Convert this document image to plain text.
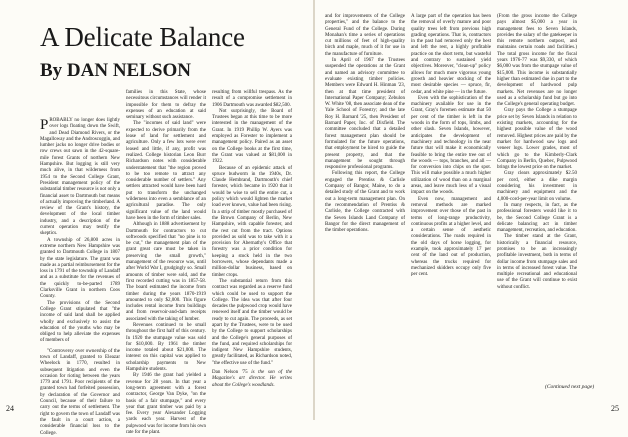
A Delicate Balance
By DAN NELSON

PROBABLY no longer does lightly over logs floating down the Swift, and Dead Diamond Rivers, or the Magalloway and the Androscoggin, and lumber jacks no longer drive bodies or row crews out sawn in the 42-square-mile forest Grants of northern New Hampshire. But logging is still very much alive, in that wilderness from 1954 to the Second College Grant, President management policy of the substantial timber resource is not only a financial asset to Dartmouth but means of actually improving the timberland. A review of the Grant's history, the development of the local timber industry, and a description of the current operation may testify the skeptics.

A township of 26,800 acres in extreme northern New Hampshire was granted to Dartmouth College in 1807 by the state legislature. The grant was made as a partial reimbursement for the loss in 1791 of the township of Landaff and as a substitute for the revenues of the quickly to-be-parted 1789 Clarksville Grant in northern Coos County.

The provisions of the Second College Grant stipulated that "the income of said land shall be applied wholly and exclusively to assist the education of the youths who may be obliged to help alleviate the expenses of members of

"Controversy over ownership of the town of Landaff, granted to Eleazar Wheelock in 1770, resulted in subsequent litigation and even the occasion for rioting between the years 1779 and 1791. Poor recipients of the granted town had forfeited possession, by declaration of the Governor and Council, because of their failure to carry out the terms of settlement. The right to govern the town of Landaff was the fault in a court action, a considerable financial loss to the College.

families in this State, whose necessitous circumstances will render it impossible for them to defray the expenses of an education at said seminary without such assistance.

The "incomes of said land" were expected to derive primarily from the lease of land for settlement and agriculture. Only a few lots were ever leased and little, if any, profit was realized. College historian Leon Burr Richardson notes with considerable understatement that "the region proved to be too remote to attract any considerable number of settlers." Any settlers attracted would have been hard put to transform the unchanged wilderness into even a semblance of an agricultural paradise. The only significant value of the land would have been in the form of timber sales.

Although in 1888 advertisement by Dartmouth for contractors to cut softwoods specified that "no pine is to be cut," the management plan of the grant great care must be taken in preserving the small growth," management of the resource was, until after World War I, grudgingly so. Small amounts of timber were sold, and the first recorded cutting was in 1857-58. The board estimated the income from timber during the years 1870-1919 amounted to only $2,000. This figure includes rental income from buildings and from reservoir-and-dam receipts associated with the taking of lumber.

Revenues continued to be small throughout the first half of this century. In 1920 the stumpage value was sold for $10,000. By 1961 the timber income totaled about $21,000. The interest on this capital was applied to scholarship payments to New Hampshire students.

By 1946 the grant had yielded a revenue for 28 years. In that year a long-term agreement with a forest contractor, George Van Dyke, "on the basis of a fair stumpage," and every year that grant timber was paid by a fee. Every year Alexander Logging yards each year. Harvest of the pulpwood was for income from his own rate for the plant.

resulting from willful trespass. As the result of a compromise settlement in 1906 Dartmouth was awarded $82,500.

Not surprisingly, the Board of Trustees began at this time to be more interested in the management of the Grant. In 1919 Phillip W. Ayers was employed as Forester to implement a management policy. Paired as an asset on the College books at the first time, the Grant was valued at $81,000 in 1922.

Because of an epidemic attack of spruce budworm in the 1940s, Dr. Claude Hembrand, Dartmouth's chief forester, which became in 1920 that it would be wise to sell the entire cut, a policy which would lighten the market load ever known, value had been rising. In a strip of timber mostly purchased of the Brown Company of Berlin, New Hampshire, with capable forester, and the rest cut from the tract. Options provided as sold was to take with it a provision for Abernathy's Office that forestry was a prior condition for keeping a stock held in the two borrowers, whose dependants made a million-dollar business, based on timber crops.

The substantial return from this contract was regarded as a reserve fund which could be used to support the College. The idea was that after four decades the pulpwood crop would have renewed itself and the timber would be ready to cut again. The proceeds, as set apart by the Trustees, were to be used by the College to support scholarships and the College's general purposes of the fund, and required scholarships for indigent New Hampshire students, greatly facilitated, as Richardson noted, "the effective use of the fund."

Dan Nelson '75 is the son of the Magazine's art director. He writes about the College's woodlands.

24

and for improvements of the College properties," and the balance to the General Fund of the College. During Monahan's time a series of operations cut millions of feet of high-quality birch and maple, much of it for use in the manufacture of furniture.

In April of 1967 the Trustees suspended the operations at the Grant and named an advisory committee to evaluate existing timber policies. Members were Edward H. Hinman '23, then at that time president of International Paper Company; Zebulon W. White '08, then associate dean of the Yale School of Forestry; and the late Roy H. Barnard '25, then President of Barnard Paper, Inc. of Dixfield. The committee concluded that a detailed forest management plan should be formulated for the future operations, that employment be hired to guide the present property, and that the management be sought through responsive professional programs.

Following this report, the College engaged the Prentiss & Carlisle Company of Bangor, Maine, to do a detailed study of the Grant and to work out a long-term management plan. On the recommendation of Prentiss & Carlisle, the College contracted with the Seven Islands Land Company of Bangor for the direct management of the timber operations.

A large part of the operation has been the removal of overly mature and poor quality trees left from previous high grading operations. That is, contractors in the past had removed only the best and left the rest, a highly profitable practice on the short term, but wasteful and contrary to sustained yield objectives. Moreover, "clean-up" policy allows for much more vigorous young growth and heavier stocking of the most desirable species — spruce, fir, cedar, and white pine — in the future.

Even with the sophistication of the machinery available for use in the Grant, Gray's foremen estimate that 50 per cent of the timber is left in the woods in the form of tops, limbs, and other slash. Seven Islands, however, anticipates the development of machinery and technology in the near future that will make it economically feasible to bring the entire tree out of the woods — tops, branches, and all — for conversion into chips on the spot. This will make possible a much higher utilization of wood than on a marginal areas, and leave much less of a visual impact on the woods.

Even now, management and removal methods are marked improvement over those of the past in terms of long-range productivity, continuous profits at a higher level, and a certain sense of aesthetic considerations. The roads required in the old days of horse logging, for example, took approximately 17 per cent of the land out of production, whereas the trucks required for mechanized skidders occupy only five per cent.

(From the gross income the College pays almost $5,000 a year in management fees to Seven Islands, provides the salary of the gatekeeper in this remote northern outpost, and maintains certain roads and facilities.) The total gross income for the fiscal years 1976-77 was $9,330, of which $6,000 was from the stumpage value of $15,000. This income is substantially higher than estimated due in part to the development of hardwood pulp markets. Net revenues are no longer used as a scholarship fund but go into the College's general operating budget.

Gray pays the College a stumpage price set by Seven Islands in relation to existing markets, accounting for the highest possible value of the wood removed. Highest prices are paid by the market for hardwood saw logs and veneer logs. Lower grades, most of which go to the Kimberly-Clark Company in Berlin, Quebec, Pulpwood brings the lowest price on the market.

Gray clears approximately $2.50 per cord, either a dike margin considering his investment in machinery and equipment and the 4,000-cord-per-year limit on volume.

In many respects, in fact, as the professional foresters would like it to be, the Second College Grant is a delicate balancing act in timber management, recreation, and education.

The timber stand at the Grant, historically a financial resource, promises to be an increasingly profitable investment, both in terms of dollar income from stumpage sales and in terms of increased forest value. The multiple recreational and educational use of the Grant will continue to exist without conflict.

(Continued next page)
25
